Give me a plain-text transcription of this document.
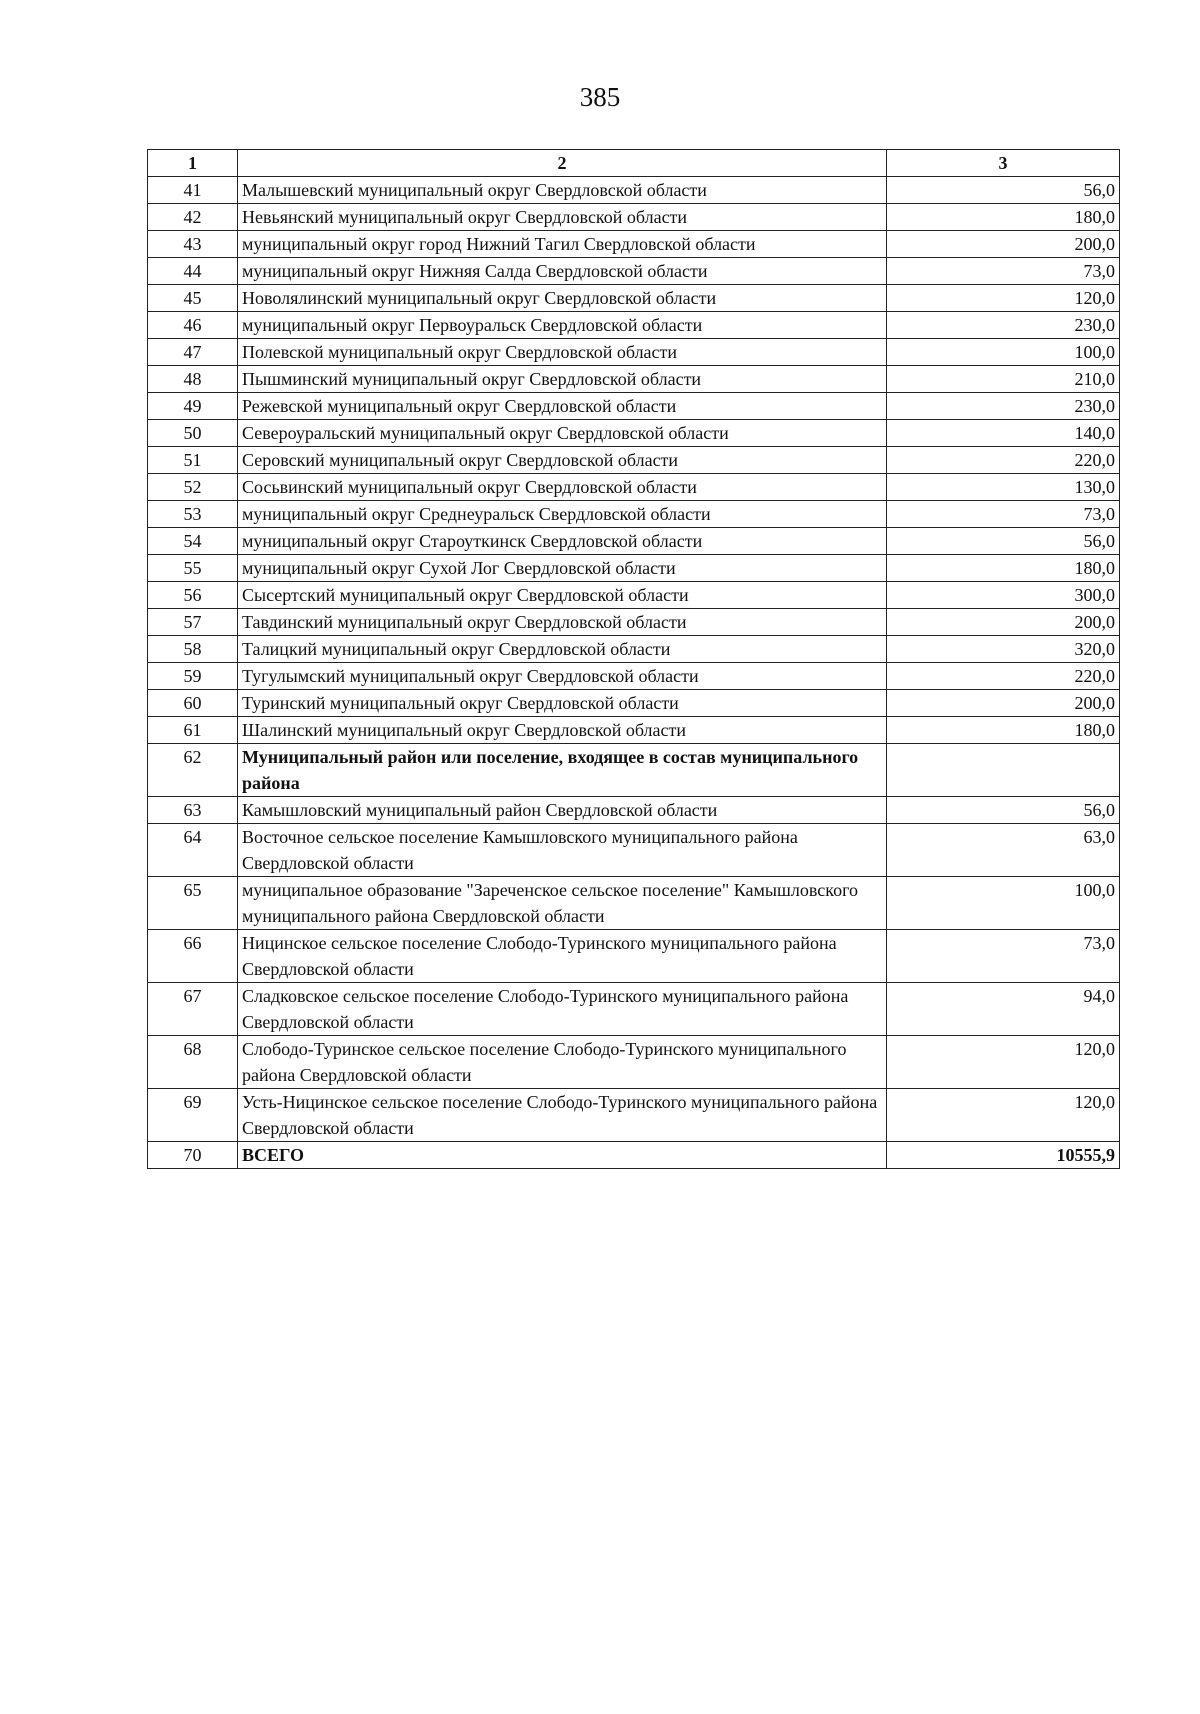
385
1	2	3
41	Малышевский муниципальный округ Свердловской области	56,0
42	Невьянский муниципальный округ Свердловской области	180,0
43	муниципальный округ город Нижний Тагил Свердловской области	200,0
44	муниципальный округ Нижняя Салда Свердловской области	73,0
45	Новолялинский муниципальный округ Свердловской области	120,0
46	муниципальный округ Первоуральск Свердловской области	230,0
47	Полевской муниципальный округ Свердловской области	100,0
48	Пышминский муниципальный округ Свердловской области	210,0
49	Режевской муниципальный округ Свердловской области	230,0
50	Североуральский муниципальный округ Свердловской области	140,0
51	Серовский муниципальный округ Свердловской области	220,0
52	Сосьвинский муниципальный округ Свердловской области	130,0
53	муниципальный округ Среднеуральск Свердловской области	73,0
54	муниципальный округ Староуткинск Свердловской области	56,0
55	муниципальный округ Сухой Лог Свердловской области	180,0
56	Сысертский муниципальный округ Свердловской области	300,0
57	Тавдинский муниципальный округ Свердловской области	200,0
58	Талицкий муниципальный округ Свердловской области	320,0
59	Тугулымский муниципальный округ Свердловской области	220,0
60	Туринский муниципальный округ Свердловской области	200,0
61	Шалинский муниципальный округ Свердловской области	180,0
62	Муниципальный район или поселение, входящее в состав муниципального района	
63	Камышловский муниципальный район Свердловской области	56,0
64	Восточное сельское поселение Камышловского муниципального района Свердловской области	63,0
65	муниципальное образование "Зареченское сельское поселение" Камышловского муниципального района Свердловской области	100,0
66	Ницинское сельское поселение Слободо-Туринского муниципального района Свердловской области	73,0
67	Сладковское сельское поселение Слободо-Туринского муниципального района Свердловской области	94,0
68	Слободо-Туринское сельское поселение Слободо-Туринского муниципального района Свердловской области	120,0
69	Усть-Ницинское сельское поселение Слободо-Туринского муниципального района Свердловской области	120,0
70	ВСЕГО	10555,9
